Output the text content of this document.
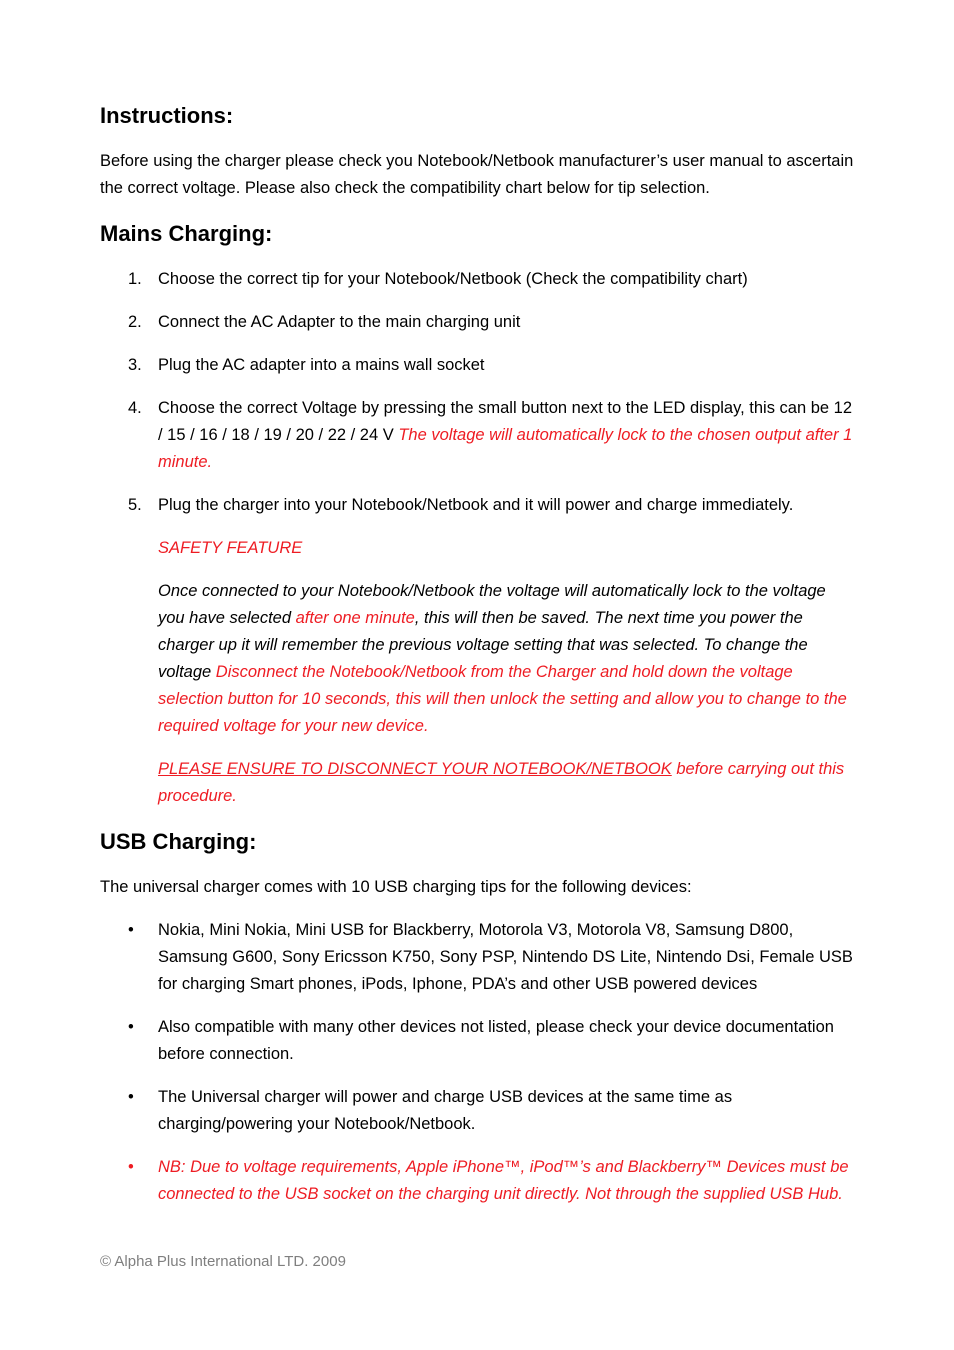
Instructions:

Before using the charger please check you Notebook/Netbook manufacturer’s user manual to ascertain the correct voltage. Please also check the compatibility chart below for tip selection.

Mains Charging:
1. Choose the correct tip for your Notebook/Netbook (Check the compatibility chart)
2. Connect the AC Adapter to the main charging unit
3. Plug the AC adapter into a mains wall socket
4. Choose the correct Voltage by pressing the small button next to the LED display, this can be 12 / 15 / 16 / 18 / 19 / 20 / 22 / 24 V The voltage will automatically lock to the chosen output after 1 minute.
5. Plug the charger into your Notebook/Netbook and it will power and charge immediately.

SAFETY FEATURE

Once connected to your Notebook/Netbook the voltage will automatically lock to the voltage you have selected after one minute, this will then be saved. The next time you power the charger up it will remember the previous voltage setting that was selected. To change the voltage Disconnect the Notebook/Netbook from the Charger and hold down the voltage selection button for 10 seconds, this will then unlock the setting and allow you to change to the required voltage for your new device.

PLEASE ENSURE TO DISCONNECT YOUR NOTEBOOK/NETBOOK before carrying out this procedure.

USB Charging:

The universal charger comes with 10 USB charging tips for the following devices:

• Nokia, Mini Nokia, Mini USB for Blackberry, Motorola V3, Motorola V8, Samsung D800, Samsung G600, Sony Ericsson K750, Sony PSP, Nintendo DS Lite, Nintendo Dsi, Female USB for charging Smart phones, iPods, Iphone, PDA’s and other USB powered devices
• Also compatible with many other devices not listed, please check your device documentation before connection.
• The Universal charger will power and charge USB devices at the same time as charging/powering your Notebook/Netbook.
• NB: Due to voltage requirements, Apple iPhone™, iPod™’s and Blackberry™ Devices must be connected to the USB socket on the charging unit directly. Not through the supplied USB Hub.
© Alpha Plus International LTD. 2009
